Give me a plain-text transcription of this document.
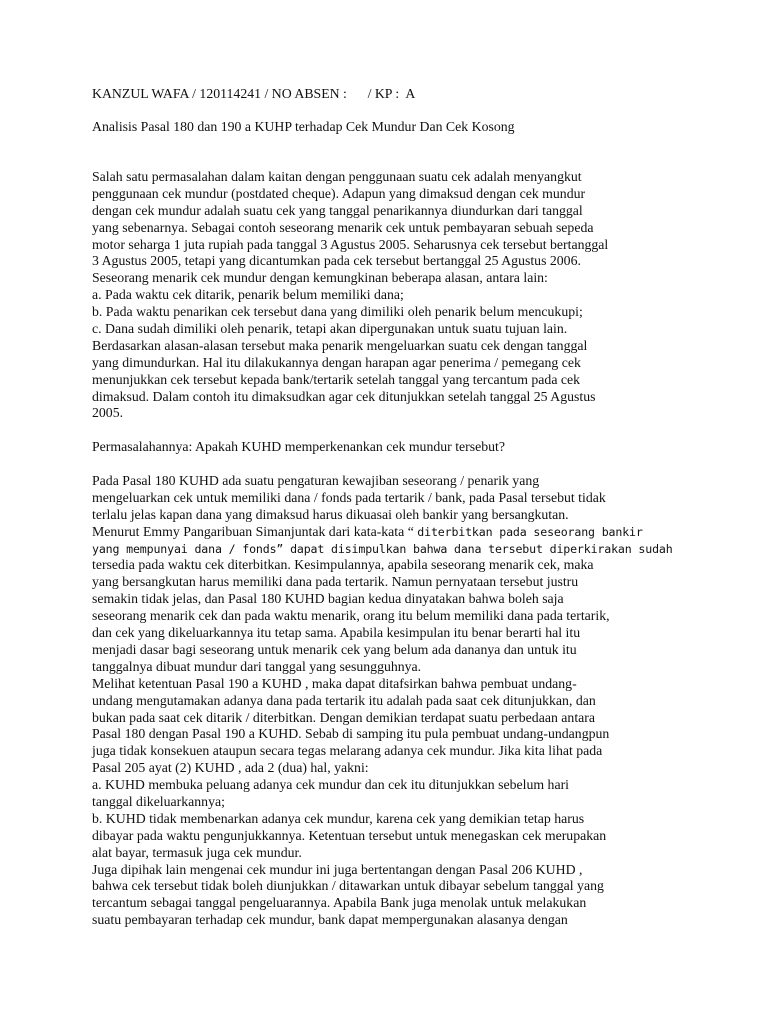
KANZUL WAFA / 120114241 / NO ABSEN :      / KP :  A
Analisis Pasal 180 dan 190 a KUHP terhadap Cek Mundur Dan Cek Kosong
Salah satu permasalahan dalam kaitan dengan penggunaan suatu cek adalah menyangkut
penggunaan cek mundur (postdated cheque). Adapun yang dimaksud dengan cek mundur
dengan cek mundur adalah suatu cek yang tanggal penarikannya diundurkan dari tanggal
yang sebenarnya. Sebagai contoh seseorang menarik cek untuk pembayaran sebuah sepeda
motor seharga 1 juta rupiah pada tanggal 3 Agustus 2005. Seharusnya cek tersebut bertanggal
3 Agustus 2005, tetapi yang dicantumkan pada cek tersebut bertanggal 25 Agustus 2006.
Seseorang menarik cek mundur dengan kemungkinan beberapa alasan, antara lain:
a. Pada waktu cek ditarik, penarik belum memiliki dana;
b. Pada waktu penarikan cek tersebut dana yang dimiliki oleh penarik belum mencukupi;
c. Dana sudah dimiliki oleh penarik, tetapi akan dipergunakan untuk suatu tujuan lain.
Berdasarkan alasan-alasan tersebut maka penarik mengeluarkan suatu cek dengan tanggal
yang dimundurkan. Hal itu dilakukannya dengan harapan agar penerima / pemegang cek
menunjukkan cek tersebut kepada bank/tertarik setelah tanggal yang tercantum pada cek
dimaksud. Dalam contoh itu dimaksudkan agar cek ditunjukkan setelah tanggal 25 Agustus
2005.
Permasalahannya: Apakah KUHD memperkenankan cek mundur tersebut?
Pada Pasal 180 KUHD ada suatu pengaturan kewajiban seseorang / penarik yang
mengeluarkan cek untuk memiliki dana / fonds pada tertarik / bank, pada Pasal tersebut tidak
terlalu jelas kapan dana yang dimaksud harus dikuasai oleh bankir yang bersangkutan.
Menurut Emmy Pangaribuan Simanjuntak dari kata-kata “ diterbitkan pada seseorang bankir
yang mempunyai dana / fonds” dapat disimpulkan bahwa dana tersebut diperkirakan sudah
tersedia pada waktu cek diterbitkan. Kesimpulannya, apabila seseorang menarik cek, maka
yang bersangkutan harus memiliki dana pada tertarik. Namun pernyataan tersebut justru
semakin tidak jelas, dan Pasal 180 KUHD bagian kedua dinyatakan bahwa boleh saja
seseorang menarik cek dan pada waktu menarik, orang itu belum memiliki dana pada tertarik,
dan cek yang dikeluarkannya itu tetap sama. Apabila kesimpulan itu benar berarti hal itu
menjadi dasar bagi seseorang untuk menarik cek yang belum ada dananya dan untuk itu
tanggalnya dibuat mundur dari tanggal yang sesungguhnya.
Melihat ketentuan Pasal 190 a KUHD , maka dapat ditafsirkan bahwa pembuat undang-
undang mengutamakan adanya dana pada tertarik itu adalah pada saat cek ditunjukkan, dan
bukan pada saat cek ditarik / diterbitkan. Dengan demikian terdapat suatu perbedaan antara
Pasal 180 dengan Pasal 190 a KUHD. Sebab di samping itu pula pembuat undang-undangpun
juga tidak konsekuen ataupun secara tegas melarang adanya cek mundur. Jika kita lihat pada
Pasal 205 ayat (2) KUHD , ada 2 (dua) hal, yakni:
a. KUHD membuka peluang adanya cek mundur dan cek itu ditunjukkan sebelum hari
tanggal dikeluarkannya;
b. KUHD tidak membenarkan adanya cek mundur, karena cek yang demikian tetap harus
dibayar pada waktu pengunjukkannya. Ketentuan tersebut untuk menegaskan cek merupakan
alat bayar, termasuk juga cek mundur.
Juga dipihak lain mengenai cek mundur ini juga bertentangan dengan Pasal 206 KUHD ,
bahwa cek tersebut tidak boleh diunjukkan / ditawarkan untuk dibayar sebelum tanggal yang
tercantum sebagai tanggal pengeluarannya. Apabila Bank juga menolak untuk melakukan
suatu pembayaran terhadap cek mundur, bank dapat mempergunakan alasanya dengan
